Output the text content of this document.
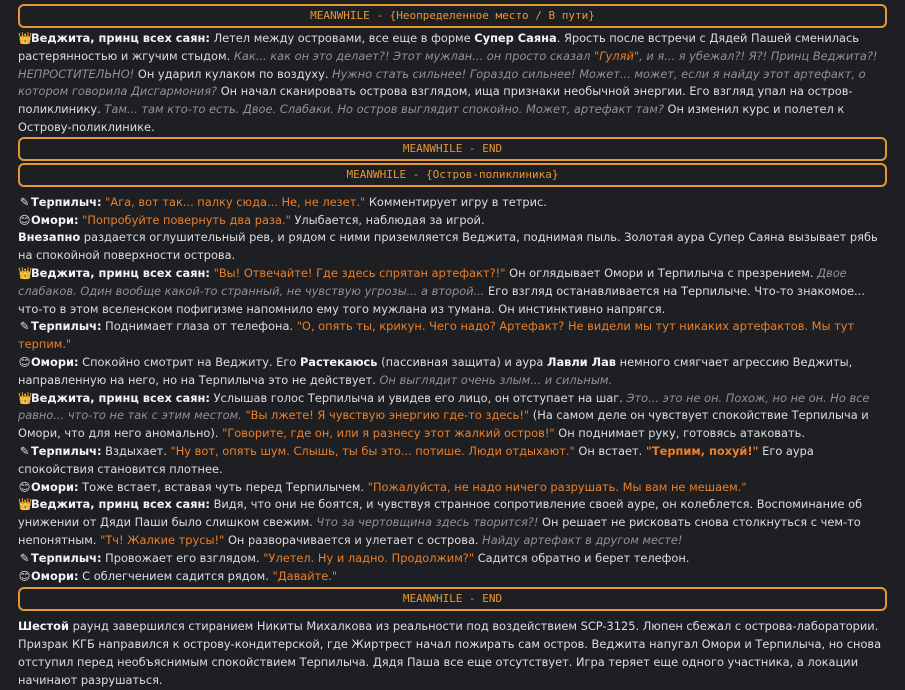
MEANWHILE - {Неопределенное место / В пути}

👑Веджита, принц всех саян: Летел между островами, все еще в форме Супер Саяна. Ярость после встречи с Дядей Пашей сменилась растерянностью и жгучим стыдом. Как... как он это делает?! Этот мужлан... он просто сказал "Гуляй", и я... я убежал?! Я?! Принц Веджита?! НЕПРОСТИТЕЛЬНО! Он ударил кулаком по воздуху. Нужно стать сильнее! Гораздо сильнее! Может... может, если я найду этот артефакт, о котором говорила Дисгармония? Он начал сканировать острова взглядом, ища признаки необычной энергии. Его взгляд упал на остров-поликлинику. Там... там кто-то есть. Двое. Слабаки. Но остров выглядит спокойно. Может, артефакт там? Он изменил курс и полетел к Острову-поликлинике.

MEANWHILE - END
MEANWHILE - {Остров-поликлиника}

✎ Терпилыч: "Ага, вот так... палку сюда... Не, не лезет." Комментирует игру в тетрис.

😊Омори: "Попробуйте повернуть два раза." Улыбается, наблюдая за игрой.

Внезапно раздается оглушительный рев, и рядом с ними приземляется Веджита, поднимая пыль. Золотая аура Супер Саяна вызывает рябь на спокойной поверхности острова.

👑Веджита, принц всех саян: "Вы! Отвечайте! Где здесь спрятан артефакт?!" Он оглядывает Омори и Терпилыча с презрением. Двое слабаков. Один вообще какой-то странный, не чувствую угрозы... а второй... Его взгляд останавливается на Терпилыче. Что-то знакомое... что-то в этом вселенском пофигизме напомнило ему того мужлана из тумана. Он инстинктивно напрягся.

✎ Терпилыч: Поднимает глаза от телефона. "О, опять ты, крикун. Чего надо? Артефакт? Не видели мы тут никаких артефактов. Мы тут терпим."

😊Омори: Спокойно смотрит на Веджиту. Его Растекаюсь (пассивная защита) и аура Лавли Лав немного смягчает агрессию Веджиты, направленную на него, но на Терпилыча это не действует. Он выглядит очень злым... и сильным.

👑Веджита, принц всех саян: Услышав голос Терпилыча и увидев его лицо, он отступает на шаг. Это... это не он. Похож, но не он. Но все равно... что-то не так с этим местом. "Вы лжете! Я чувствую энергию где-то здесь!" (На самом деле он чувствует спокойствие Терпилыча и Омори, что для него аномально). "Говорите, где он, или я разнесу этот жалкий остров!" Он поднимает руку, готовясь атаковать.

✎ Терпилыч: Вздыхает. "Ну вот, опять шум. Слышь, ты бы это... потише. Люди отдыхают." Он встает. "Терпим, похуй!" Его аура спокойствия становится плотнее.

😊Омори: Тоже встает, вставая чуть перед Терпилычем. "Пожалуйста, не надо ничего разрушать. Мы вам не мешаем."

👑Веджита, принц всех саян: Видя, что они не боятся, и чувствуя странное сопротивление своей ауре, он колеблется. Воспоминание об унижении от Дяди Паши было слишком свежим. Что за чертовщина здесь творится?! Он решает не рисковать снова столкнуться с чем-то непонятным. "Тч! Жалкие трусы!" Он разворачивается и улетает с острова. Найду артефакт в другом месте!

✎ Терпилыч: Провожает его взглядом. "Улетел. Ну и ладно. Продолжим?" Садится обратно и берет телефон.

😊Омори: С облегчением садится рядом. "Давайте."

MEANWHILE - END

Шестой раунд завершился стиранием Никиты Михалкова из реальности под воздействием SCP-3125. Люпен сбежал с острова-лаборатории. Призрак КГБ направился к острову-кондитерской, где Жиртрест начал пожирать сам остров. Веджита напугал Омори и Терпилыча, но снова отступил перед необъяснимым спокойствием Терпилыча. Дядя Паша все еще отсутствует. Игра теряет еще одного участника, а локации начинают разрушаться.
